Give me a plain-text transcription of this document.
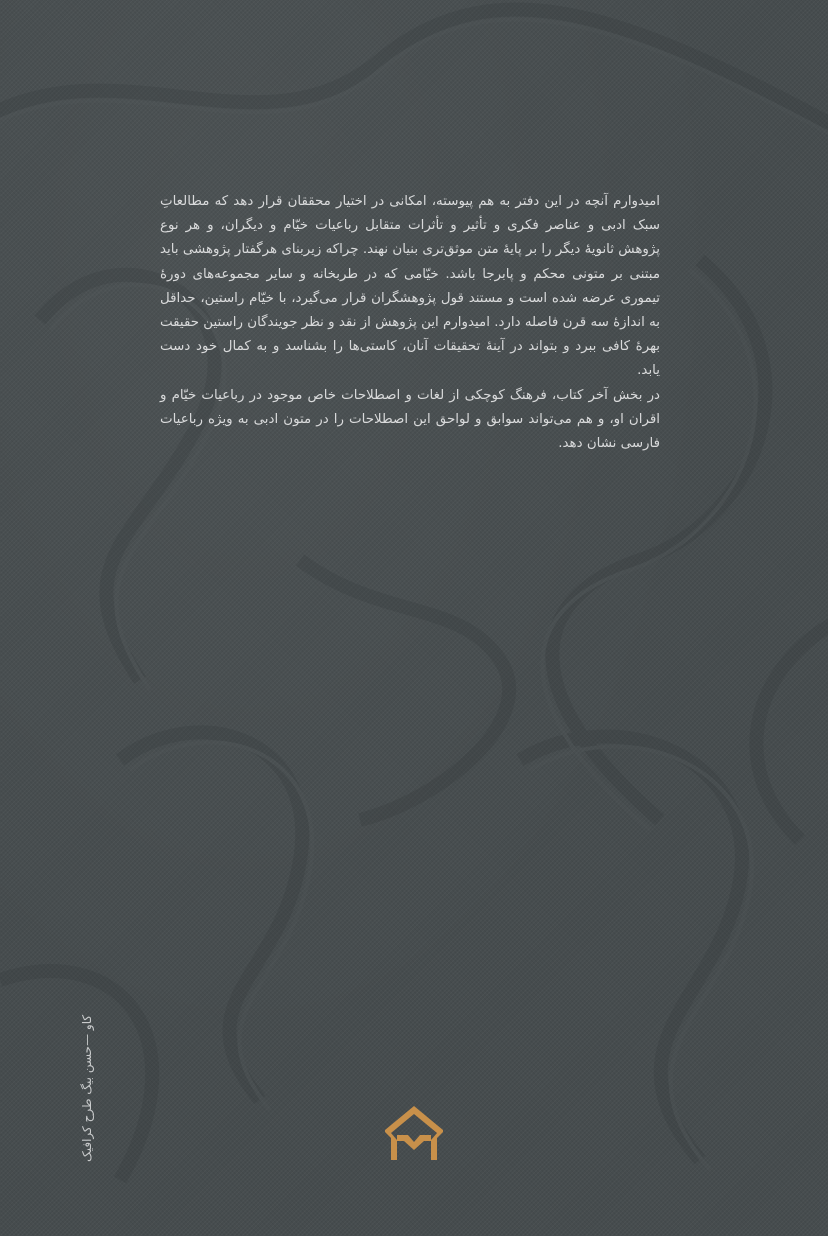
امیدوارم آنچه در این دفتر به هم پیوسته، امکانی در اختیار محققان قرار دهد که مطالعاتِ سبک ادبی و عناصر فکری و تأثیر و تأثرات متقابل رباعیات خیّام و دیگران، و هر نوع پژوهش ثانویهٔ دیگر را بر پایهٔ متن موثق‌تری بنیان نهند. چراکه زیربنای هرگفتار پژوهشی باید مبتنی بر متونی محکم و پابرجا باشد. خیّامی که در طربخانه و سایر مجموعه‌های دورهٔ تیموری عرضه شده است و مستند قول پژوهشگران قرار می‌گیرد، با خیّام راستین، حداقل به اندازهٔ سه قرن فاصله دارد. امیدوارم این پژوهش از نقد و نظر جویندگان راستین حقیقت بهرهٔ کافی ببرد و بتواند در آینهٔ تحقیقات آنان، کاستی‌ها را بشناسد و به کمال خود دست یابد.

در بخش آخر کتاب، فرهنگ کوچکی از لغات و اصطلاحات خاص موجود در رباعیات خیّام و اقران او، و هم می‌تواند سوابق و لواحق این اصطلاحات را در متون ادبی به ویژه رباعیات فارسی نشان دهد.

کاو —حسن بیگ طرح کرافیک
